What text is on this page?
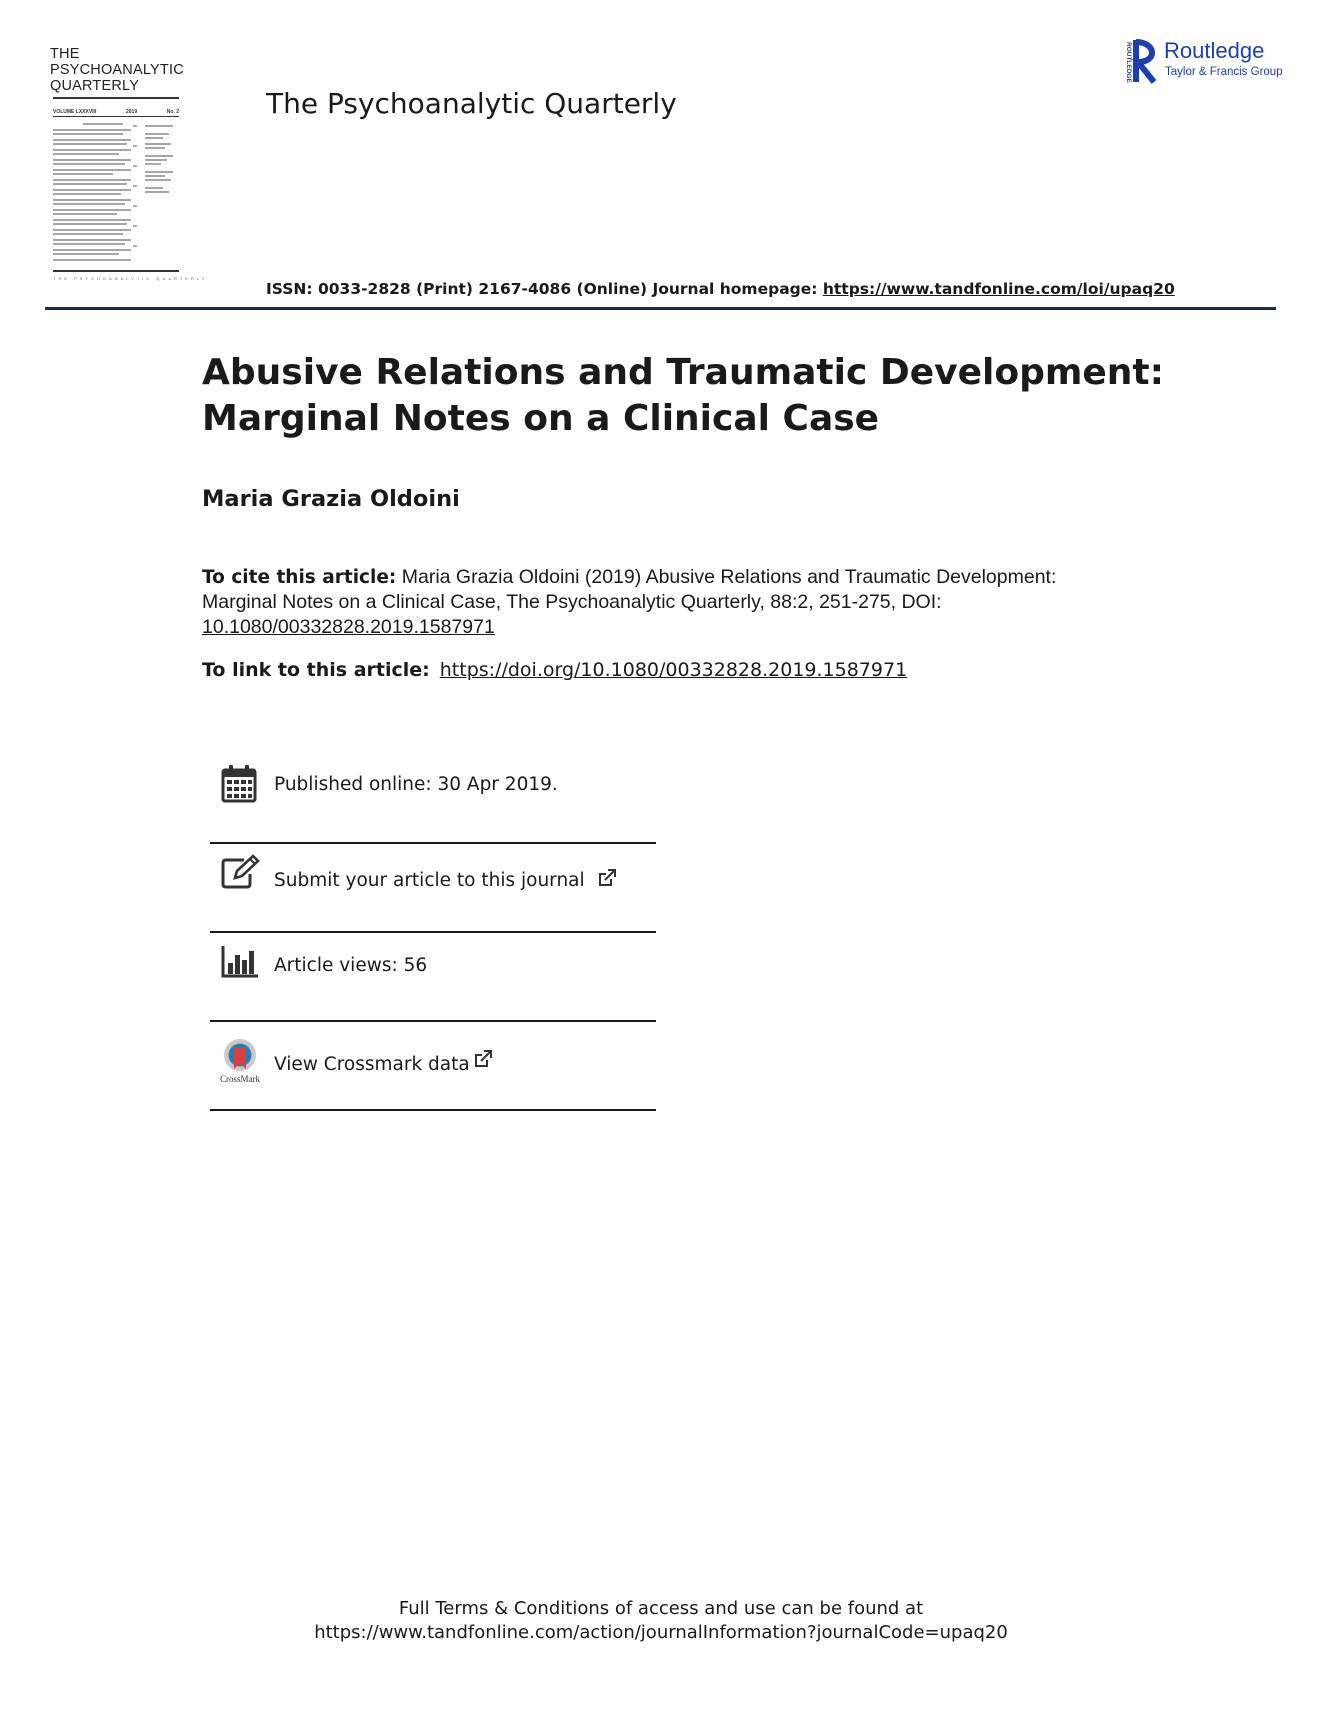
THE
PSYCHOANALYTIC
QUARTERLY
VOLUME LXXXVIII	2019	No. 2
THE PSYCHOANALYTIC QUARTERLY
The Psychoanalytic Quarterly
ISSN: 0033-2828 (Print) 2167-4086 (Online) Journal homepage: https://www.tandfonline.com/loi/upaq20
ROUTLEDGE Routledge
Taylor & Francis Group
Abusive Relations and Traumatic Development:
Marginal Notes on a Clinical Case
Maria Grazia Oldoini
To cite this article: Maria Grazia Oldoini (2019) Abusive Relations and Traumatic Development: Marginal Notes on a Clinical Case, The Psychoanalytic Quarterly, 88:2, 251-275, DOI: 10.1080/00332828.2019.1587971
To link to this article: https://doi.org/10.1080/00332828.2019.1587971
Published online: 30 Apr 2019.
Submit your article to this journal
Article views: 56
CrossMark
View Crossmark data
Full Terms & Conditions of access and use can be found at
https://www.tandfonline.com/action/journalInformation?journalCode=upaq20
